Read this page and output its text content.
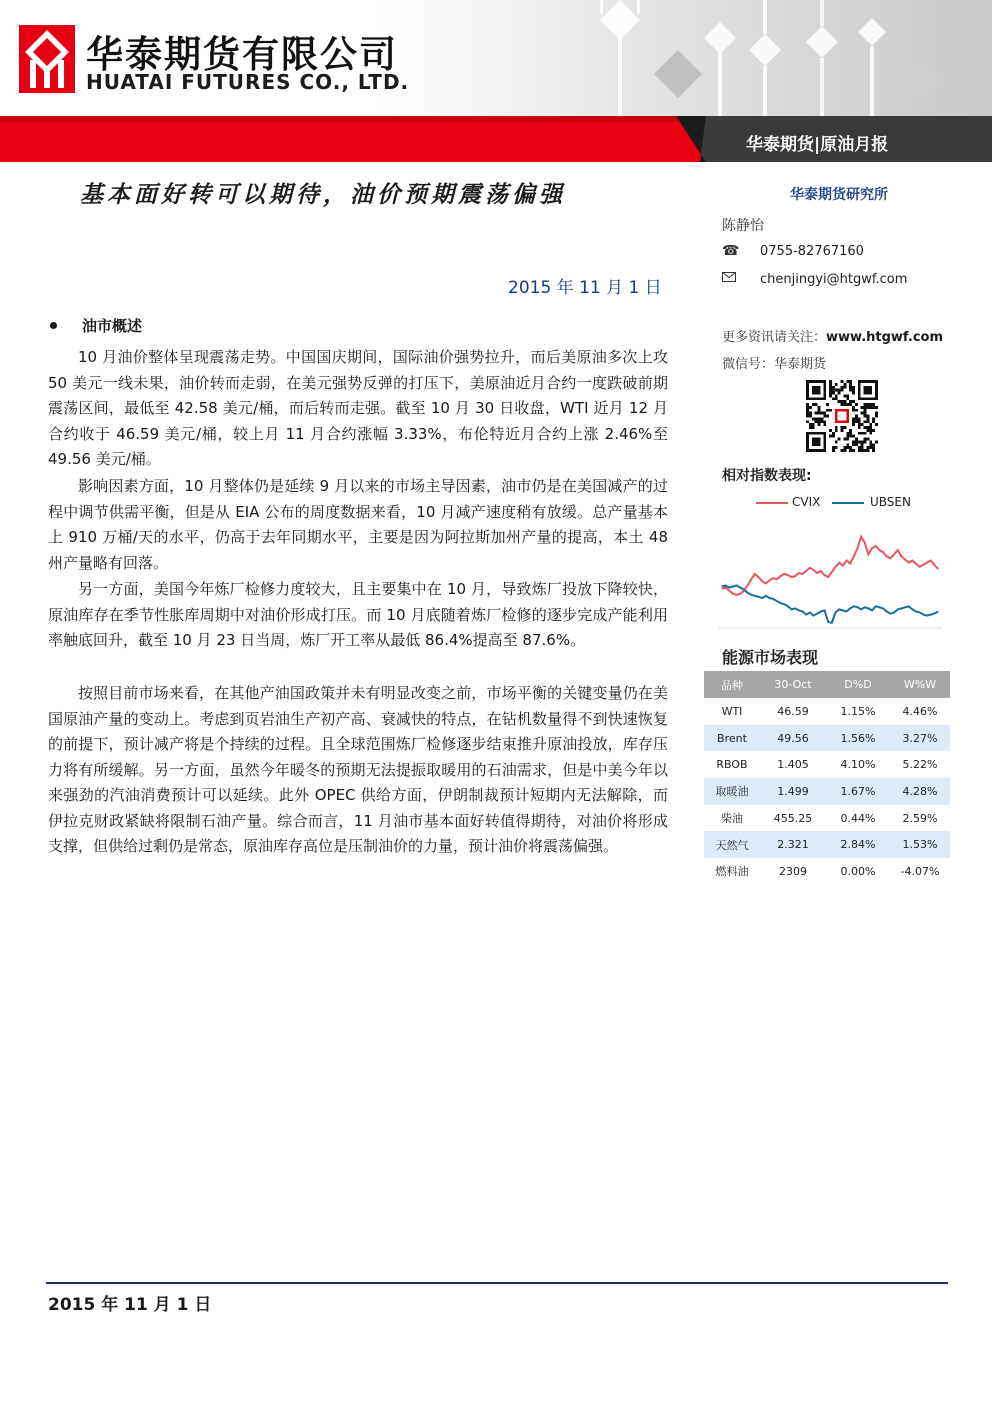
华泰期货有限公司
HUATAI FUTURES CO., LTD.
华泰期货|原油月报
基本面好转可以期待，油价预期震荡偏强
2015 年 11 月 1 日
油市概述

10 月油价整体呈现震荡走势。中国国庆期间，国际油价强势拉升，而后美原油多次上攻 50 美元一线未果，油价转而走弱，在美元强势反弹的打压下，美原油近月合约一度跌破前期震荡区间，最低至 42.58 美元/桶，而后转而走强。截至 10 月 30 日收盘，WTI 近月 12 月合约收于 46.59 美元/桶，较上月 11 月合约涨幅 3.33%，布伦特近月合约上涨 2.46%至 49.56 美元/桶。

影响因素方面，10 月整体仍是延续 9 月以来的市场主导因素，油市仍是在美国减产的过程中调节供需平衡，但是从 EIA 公布的周度数据来看，10 月减产速度稍有放缓。总产量基本上 910 万桶/天的水平，仍高于去年同期水平，主要是因为阿拉斯加州产量的提高，本土 48 州产量略有回落。

另一方面，美国今年炼厂检修力度较大，且主要集中在 10 月，导致炼厂投放下降较快，原油库存在季节性胀库周期中对油价形成打压。而 10 月底随着炼厂检修的逐步完成产能利用率触底回升，截至 10 月 23 日当周，炼厂开工率从最低 86.4%提高至 87.6%。

按照目前市场来看，在其他产油国政策并未有明显改变之前，市场平衡的关键变量仍在美国原油产量的变动上。考虑到页岩油生产初产高、衰减快的特点，在钻机数量得不到快速恢复的前提下，预计减产将是个持续的过程。且全球范围炼厂检修逐步结束推升原油投放，库存压力将有所缓解。另一方面，虽然今年暖冬的预期无法提振取暖用的石油需求，但是中美今年以来强劲的汽油消费预计可以延续。此外 OPEC 供给方面，伊朗制裁预计短期内无法解除，而伊拉克财政紧缺将限制石油产量。综合而言，11 月油市基本面好转值得期待，对油价将形成支撑，但供给过剩仍是常态，原油库存高位是压制油价的力量，预计油价将震荡偏强。

华泰期货研究所
陈静怡
☎ 0755-82767160
chenjingyi@htgwf.com
更多资讯请关注：www.htgwf.com
微信号：华泰期货
相对指数表现:
CVIX	UBSEN
能源市场表现
品种	30-Oct	D%D	W%W
WTI	46.59	1.15%	4.46%
Brent	49.56	1.56%	3.27%
RBOB	1.405	4.10%	5.22%
取暖油	1.499	1.67%	4.28%
柴油	455.25	0.44%	2.59%
天然气	2.321	2.84%	1.53%
燃料油	2309	0.00%	-4.07%
2015 年 11 月 1 日
